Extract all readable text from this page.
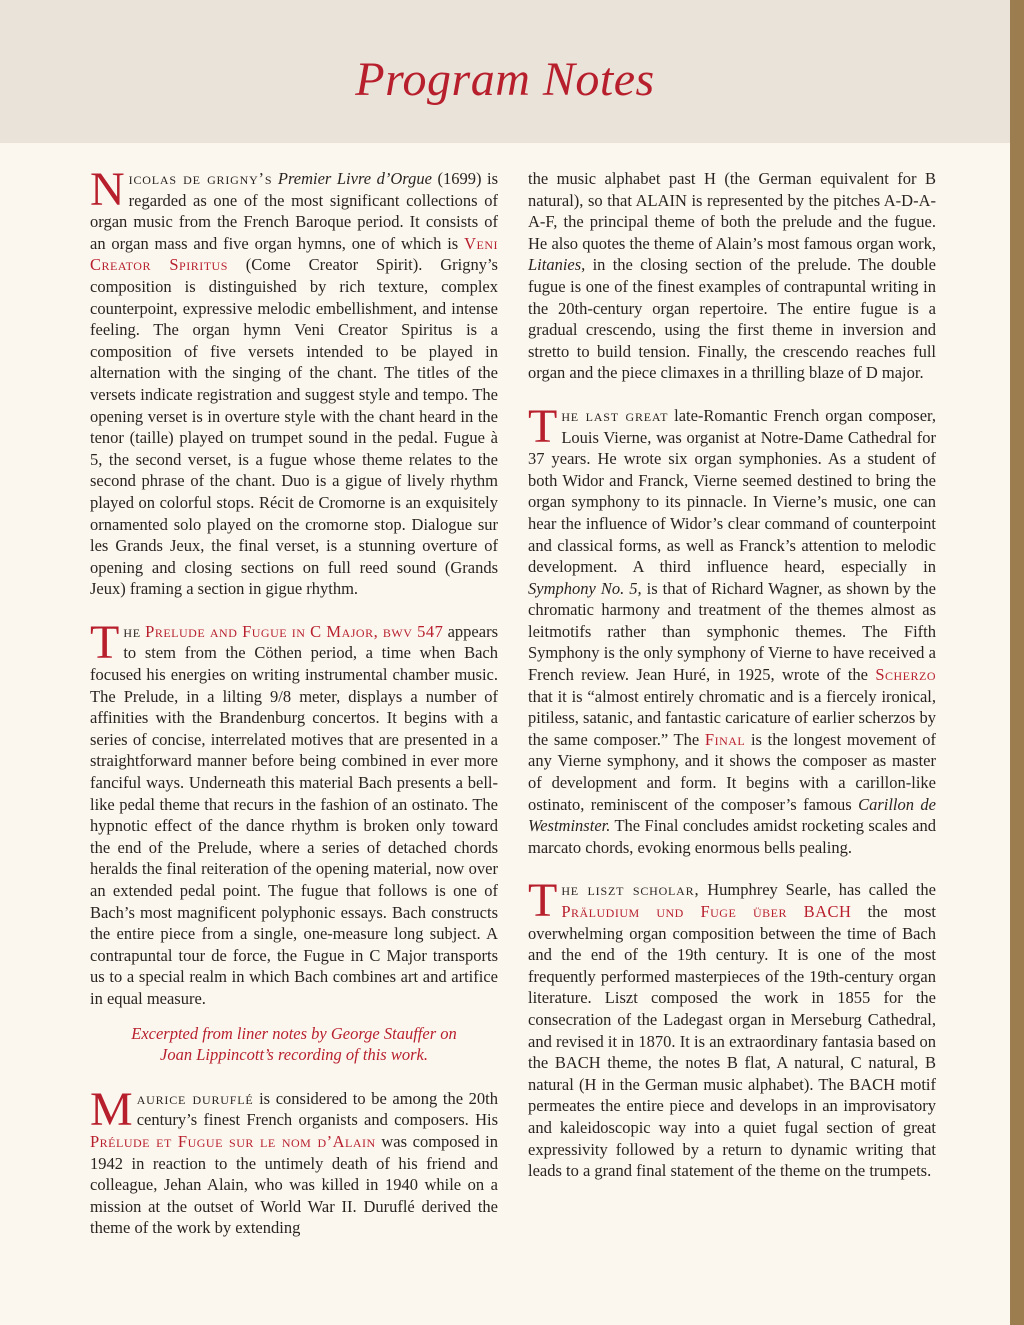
Program Notes

Nicolas de grigny’s Premier Livre d’Orgue (1699) is regarded as one of the most significant collections of organ music from the French Baroque period. It consists of an organ mass and five organ hymns, one of which is Veni Creator Spiritus (Come Creator Spirit). Grigny’s composition is distinguished by rich texture, complex counterpoint, expressive melodic embellishment, and intense feeling. The organ hymn Veni Creator Spiritus is a composition of five versets intended to be played in alternation with the singing of the chant. The titles of the versets indicate registration and suggest style and tempo. The opening verset is in overture style with the chant heard in the tenor (taille) played on trumpet sound in the pedal. Fugue à 5, the second verset, is a fugue whose theme relates to the second phrase of the chant. Duo is a gigue of lively rhythm played on colorful stops. Récit de Cromorne is an exquisitely ornamented solo played on the cromorne stop. Dialogue sur les Grands Jeux, the final verset, is a stunning overture of opening and closing sections on full reed sound (Grands Jeux) framing a section in gigue rhythm.

The Prelude and Fugue in C Major, bwv 547 appears to stem from the Cöthen period, a time when Bach focused his energies on writing instrumental chamber music. The Prelude, in a lilting 9/8 meter, displays a number of affinities with the Brandenburg concertos. It begins with a series of concise, interrelated motives that are presented in a straightforward manner before being combined in ever more fanciful ways. Underneath this material Bach presents a bell-like pedal theme that recurs in the fashion of an ostinato. The hypnotic effect of the dance rhythm is broken only toward the end of the Prelude, where a series of detached chords heralds the final reiteration of the opening material, now over an extended pedal point. The fugue that follows is one of Bach’s most magnificent polyphonic essays. Bach constructs the entire piece from a single, one-measure long subject. A contrapuntal tour de force, the Fugue in C Major transports us to a special realm in which Bach combines art and artifice in equal measure.

Excerpted from liner notes by George Stauffer on
Joan Lippincott’s recording of this work.

Maurice duruflé is considered to be among the 20th century’s finest French organists and composers. His Prélude et Fugue sur le nom d’Alain was composed in 1942 in reaction to the untimely death of his friend and colleague, Jehan Alain, who was killed in 1940 while on a mission at the outset of World War II. Duruflé derived the theme of the work by extending

the music alphabet past H (the German equivalent for B natural), so that ALAIN is represented by the pitches A-D-A-A-F, the principal theme of both the prelude and the fugue. He also quotes the theme of Alain’s most famous organ work, Litanies, in the closing section of the prelude. The double fugue is one of the finest examples of contrapuntal writing in the 20th-century organ repertoire. The entire fugue is a gradual crescendo, using the first theme in inversion and stretto to build tension. Finally, the crescendo reaches full organ and the piece climaxes in a thrilling blaze of D major.

The last great late-Romantic French organ composer, Louis Vierne, was organist at Notre-Dame Cathedral for 37 years. He wrote six organ symphonies. As a student of both Widor and Franck, Vierne seemed destined to bring the organ symphony to its pinnacle. In Vierne’s music, one can hear the influence of Widor’s clear command of counterpoint and classical forms, as well as Franck’s attention to melodic development. A third influence heard, especially in Symphony No. 5, is that of Richard Wagner, as shown by the chromatic harmony and treatment of the themes almost as leitmotifs rather than symphonic themes. The Fifth Symphony is the only symphony of Vierne to have received a French review. Jean Huré, in 1925, wrote of the Scherzo that it is “almost entirely chromatic and is a fiercely ironical, pitiless, satanic, and fantastic caricature of earlier scherzos by the same composer.” The Final is the longest movement of any Vierne symphony, and it shows the composer as master of development and form. It begins with a carillon-like ostinato, reminiscent of the composer’s famous Carillon de Westminster. The Final concludes amidst rocketing scales and marcato chords, evoking enormous bells pealing.

The liszt scholar, Humphrey Searle, has called the Präludium und Fuge über BACH the most overwhelming organ composition between the time of Bach and the end of the 19th century. It is one of the most frequently performed masterpieces of the 19th-century organ literature. Liszt composed the work in 1855 for the consecration of the Ladegast organ in Merseburg Cathedral, and revised it in 1870. It is an extraordinary fantasia based on the BACH theme, the notes B flat, A natural, C natural, B natural (H in the German music alphabet). The BACH motif permeates the entire piece and develops in an improvisatory and kaleidoscopic way into a quiet fugal section of great expressivity followed by a return to dynamic writing that leads to a grand final statement of the theme on the trumpets.
